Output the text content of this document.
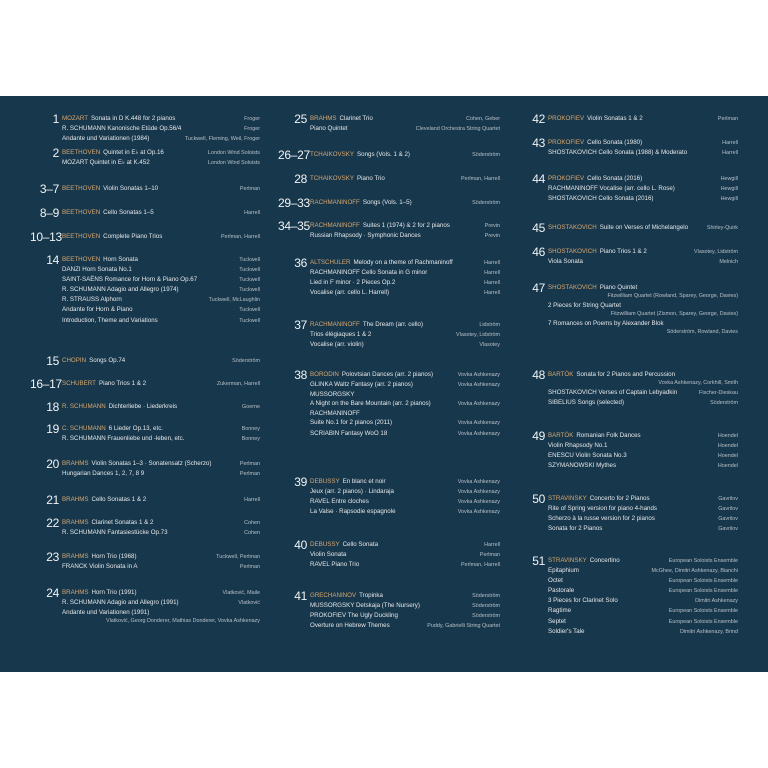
1 MOZART Sonata in D K.448 for 2 pianos	Froger
R. SCHUMANN Kanonische Etüde Op.56/4	Froger
Andante und Variationen (1984)	Tuckwell, Fleming, Weil, Froger
2 BEETHOVEN Quintet in E♭ at Op.16	London Wind Soloists
MOZART Quintet in E♭ at K.452	London Wind Soloists
3–7 BEETHOVEN Violin Sonatas 1–10	Perlman
8–9 BEETHOVEN Cello Sonatas 1–5	Harrell
10–13 BEETHOVEN Complete Piano Trios	Perlman, Harrell
14 BEETHOVEN Horn Sonata	Tuckwell
DANZI Horn Sonata No.1	Tuckwell
SAINT-SAËNS Romance for Horn & Piano Op.67	Tuckwell
R. SCHUMANN Adagio and Allegro (1974)	Tuckwell
R. STRAUSS Alphorn	Tuckwell, McLaughlin
Andante for Horn & Piano	Tuckwell
Introduction, Theme and Variations	Tuckwell
15 CHOPIN Songs Op.74	Söderström
16–17 SCHUBERT Piano Trios 1 & 2	Zukerman, Harrell
18 R. SCHUMANN Dichterliebe · Liederkreis	Goerne
19 C. SCHUMANN 6 Lieder Op.13, etc.	Bonney
R. SCHUMANN Frauenliebe und -leben, etc.	Bonney
20 BRAHMS Violin Sonatas 1–3 · Sonatensatz (Scherzo)	Perlman
Hungarian Dances 1, 2, 7, 8 9	Perlman
21 BRAHMS Cello Sonatas 1 & 2	Harrell
22 BRAHMS Clarinet Sonatas 1 & 2	Cohen
R. SCHUMANN Fantasiestücke Op.73	Cohen
23 BRAHMS Horn Trio (1968)	Tuckwell, Perlman
FRANCK Violin Sonata in A	Perlman
24 BRAHMS Horn Trio (1991)	Vlatković, Maile
R. SCHUMANN Adagio and Allegro (1991)	Vlatković
Andante und Variationen (1991)
Vlatković, Georg Donderer, Mathias Donderer, Vovka Ashkenazy
25 BRAHMS Clarinet Trio	Cohen, Geber
Piano Quintet	Cleveland Orchestra String Quartet
26–27 TCHAIKOVSKY Songs (Vols. 1 & 2)	Söderström
28 TCHAIKOVSKY Piano Trio	Perlman, Harrell
29–33 RACHMANINOFF Songs (Vols. 1–5)	Söderström
34–35 RACHMANINOFF Suites 1 (1974) & 2 for 2 pianos	Previn
Russian Rhapsody · Symphonic Dances	Previn
36 ALTSCHULER Melody on a theme of Rachmaninoff	Harrell
RACHMANINOFF Cello Sonata in G minor	Harrell
Lied in F minor · 2 Pieces Op.2	Harrell
Vocalise (arr. cello L. Harrell)	Harrell
37 RACHMANINOFF The Dream (arr. cello)	Lidström
Trios élégiaques 1 & 2	Vlasotey, Lidström
Vocalise (arr. violin)	Vlasotey
38 BORODIN Polovtsian Dances (arr. 2 pianos)	Vovka Ashkenazy
GLINKA Waltz Fantasy (arr. 2 pianos)	Vovka Ashkenazy
MUSSORGSKY
A Night on the Bare Mountain (arr. 2 pianos)	Vovka Ashkenazy
RACHMANINOFF
Suite No.1 for 2 pianos (2011)	Vovka Ashkenazy
SCRIABIN Fantasy WoO 18	Vovka Ashkenazy
39 DEBUSSY En blanc et noir	Vovka Ashkenazy
Jeux (arr. 2 pianos) · Lindaraja	Vovka Ashkenazy
RAVEL Entre cloches	Vovka Ashkenazy
La Valse · Rapsodie espagnole	Vovka Ashkenazy
40 DEBUSSY Cello Sonata	Harrell
Violin Sonata	Perlman
RAVEL Piano Trio	Perlman, Harrell
41 GRECHANINOV Tropinka	Söderström
MUSSORGSKY Detskaja (The Nursery)	Söderström
PROKOFIEV The Ugly Duckling	Söderström
Overture on Hebrew Themes	Puddy, Gabrielli String Quartet
42 PROKOFIEV Violin Sonatas 1 & 2	Perlman
43 PROKOFIEV Cello Sonata (1980)	Harrell
SHOSTAKOVICH Cello Sonata (1988) & Moderato	Harrell
44 PROKOFIEV Cello Sonata (2016)	Hewgill
RACHMANINOFF Vocalise (arr. cello L. Rose)	Hewgill
SHOSTAKOVICH Cello Sonata (2016)	Hewgill
45 SHOSTAKOVICH Suite on Verses of Michelangelo	Shirley-Quirk
46 SHOSTAKOVICH Piano Trios 1 & 2	Vlasotey, Lidström
Viola Sonata	Melnich
47 SHOSTAKOVICH Piano Quintet
Fitzwilliam Quartet (Rowland, Sparey, George, Davies)
2 Pieces for String Quartet
Fitzwilliam Quartet (Zismon, Sparey, George, Davies)
7 Romances on Poems by Alexander Blok
Söderström, Rowland, Davies
48 BARTÓK Sonata for 2 Pianos and Percussion
Vovka Ashkenazy, Corkhill, Smith
SHOSTAKOVICH Verses of Captain Lebyadkin	Fischer-Dieskau
SIBELIUS Songs (selected)	Söderström
49 BARTÓK Romanian Folk Dances	Hoendel
Violin Rhapsody No.1	Hoendel
ENESCU Violin Sonata No.3	Hoendel
SZYMANOWSKI Mythes	Hoendel
50 STRAVINSKY Concerto for 2 Pianos	Gavrilov
Rite of Spring version for piano 4-hands	Gavrilov
Scherzo à la russe version for 2 pianos	Gavrilov
Sonata for 2 Pianos	Gavrilov
51 STRAVINSKY Concertino	European Soloists Ensemble
Epitaphium	McGhee, Dimitri Ashkenazy, Bianchi
Octet	European Soloists Ensemble
Pastorale	European Soloists Ensemble
3 Pieces for Clarinet Solo	Dimitri Ashkenazy
Ragtime	European Soloists Ensemble
Septet	European Soloists Ensemble
Soldier's Tale	Dimitri Ashkenazy, Brind
